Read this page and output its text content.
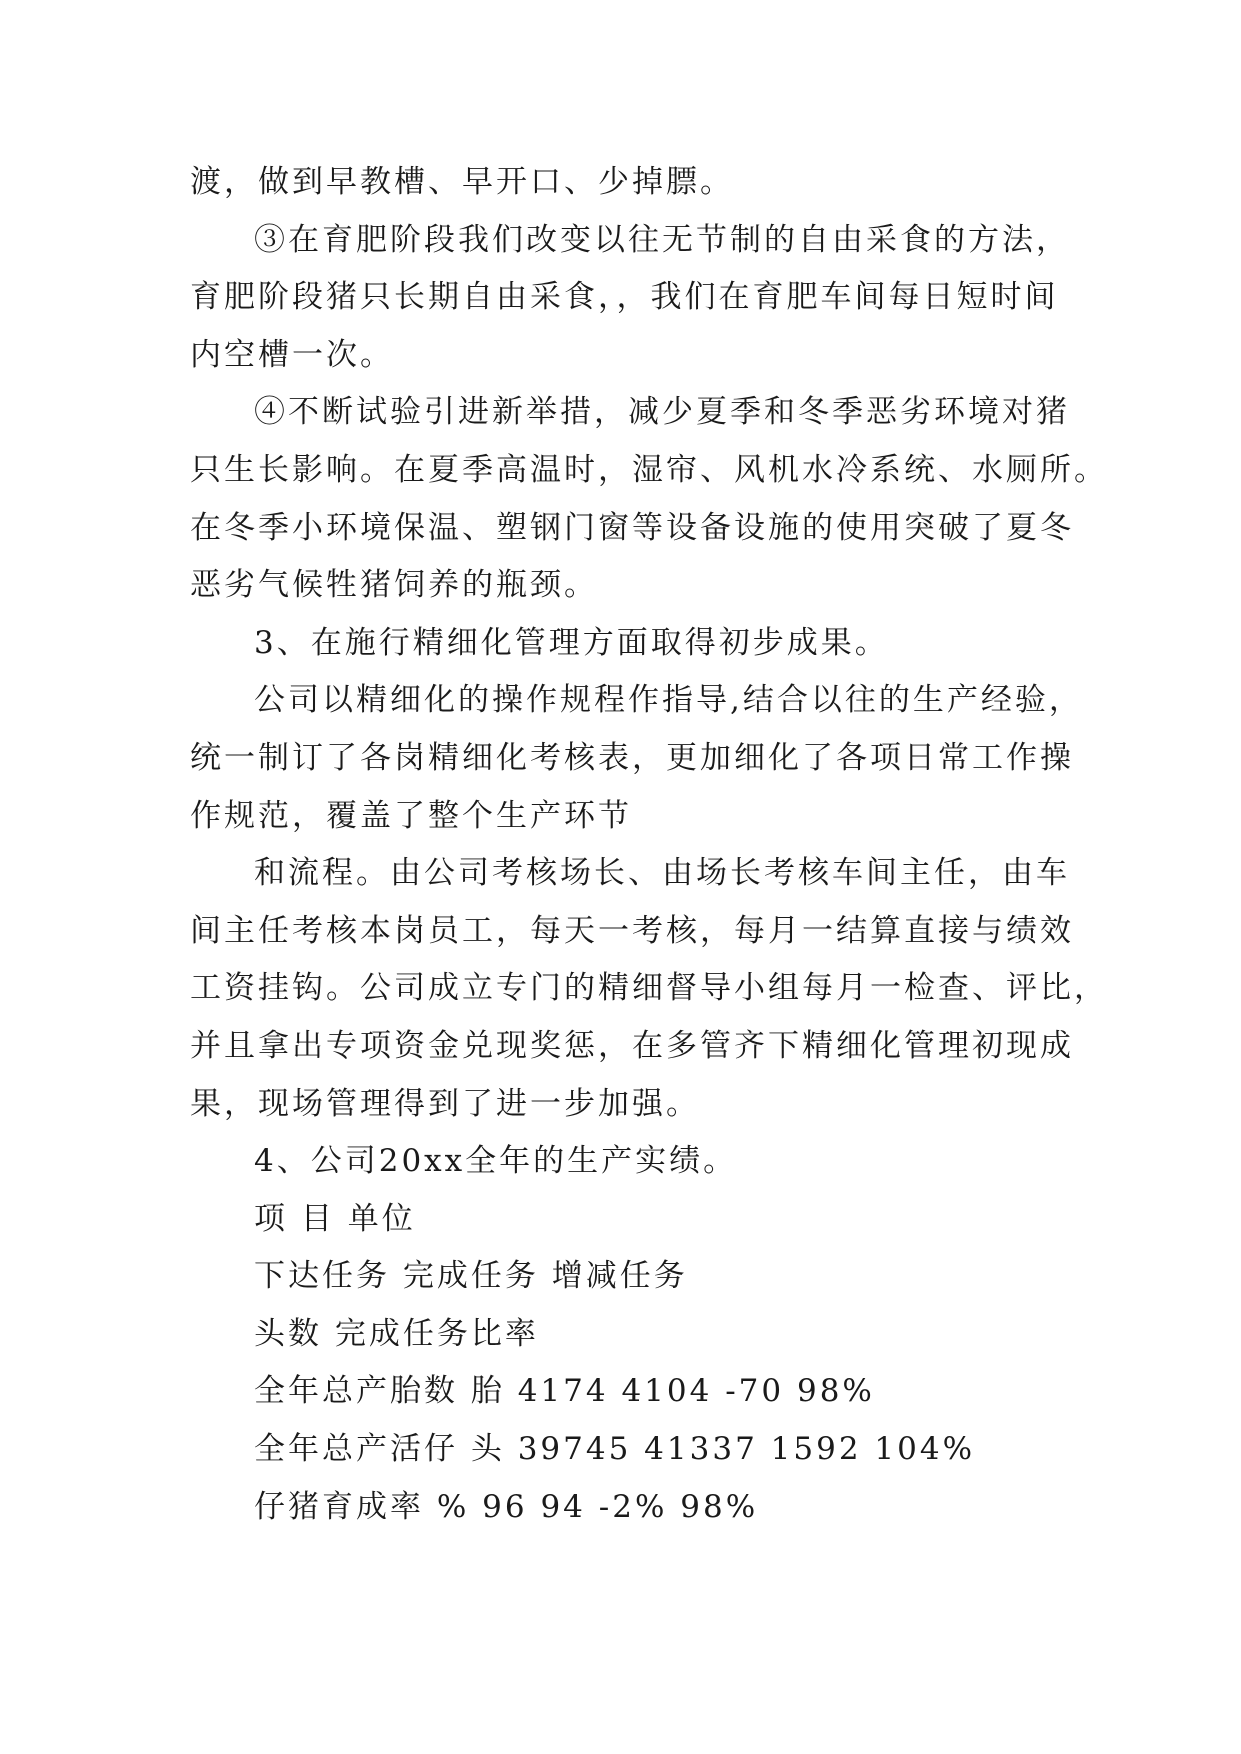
渡，做到早教槽、早开口、少掉膘。
③在育肥阶段我们改变以往无节制的自由采食的方法，
育肥阶段猪只长期自由采食，，我们在育肥车间每日短时间
内空槽一次。
④不断试验引进新举措，减少夏季和冬季恶劣环境对猪
只生长影响。在夏季高温时，湿帘、风机水冷系统、水厕所。
在冬季小环境保温、塑钢门窗等设备设施的使用突破了夏冬
恶劣气候牲猪饲养的瓶颈。
3、在施行精细化管理方面取得初步成果。
公司以精细化的操作规程作指导,结合以往的生产经验，
统一制订了各岗精细化考核表，更加细化了各项日常工作操
作规范，覆盖了整个生产环节
和流程。由公司考核场长、由场长考核车间主任，由车
间主任考核本岗员工，每天一考核，每月一结算直接与绩效
工资挂钩。公司成立专门的精细督导小组每月一检查、评比，
并且拿出专项资金兑现奖惩，在多管齐下精细化管理初现成
果，现场管理得到了进一步加强。
4、公司20xx全年的生产实绩。
项 目 单位
下达任务 完成任务 增减任务
头数 完成任务比率
全年总产胎数 胎 4174 4104 -70 98%
全年总产活仔 头 39745 41337 1592 104%
仔猪育成率 % 96 94 -2% 98%
